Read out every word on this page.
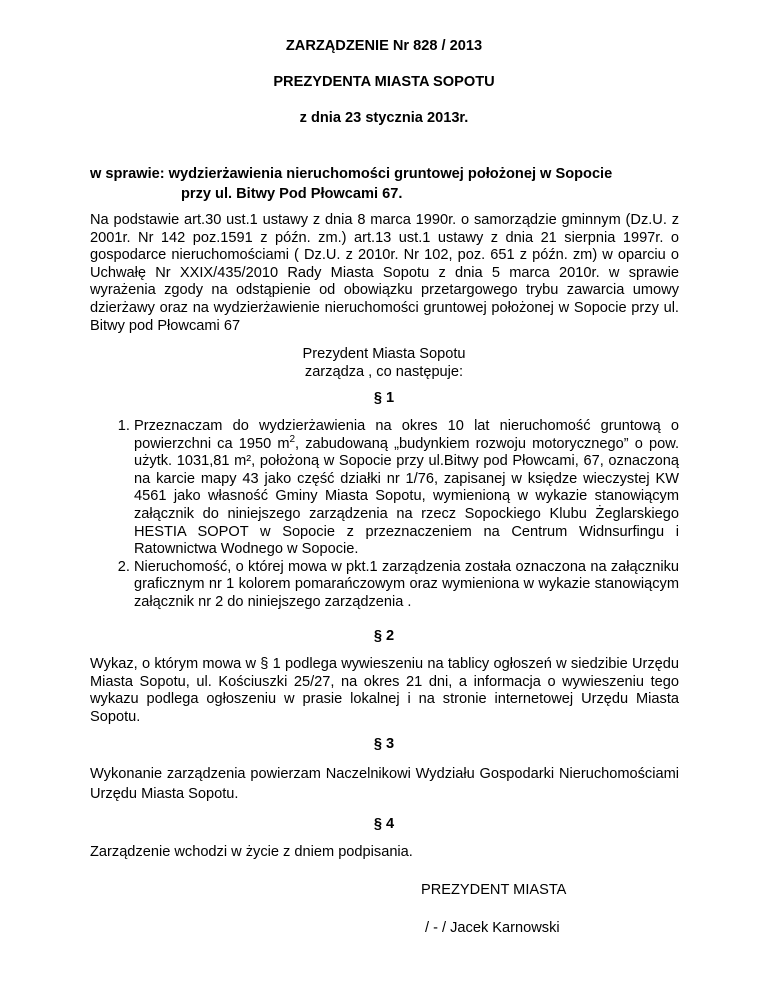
ZARZĄDZENIE Nr 828 / 2013
PREZYDENTA MIASTA SOPOTU
z dnia 23 stycznia 2013r.
w sprawie: wydzierżawienia nieruchomości gruntowej położonej w Sopocie
przy ul. Bitwy Pod Płowcami 67.
Na podstawie art.30 ust.1 ustawy z dnia 8 marca 1990r. o samorządzie gminnym (Dz.U. z 2001r. Nr 142 poz.1591 z późn. zm.) art.13 ust.1 ustawy z dnia 21 sierpnia 1997r. o gospodarce nieruchomościami ( Dz.U. z 2010r. Nr 102, poz. 651 z późn. zm) w oparciu o Uchwałę Nr XXIX/435/2010 Rady Miasta Sopotu z dnia 5 marca 2010r. w sprawie wyrażenia zgody na odstąpienie od obowiązku przetargowego trybu zawarcia umowy dzierżawy oraz na wydzierżawienie nieruchomości gruntowej położonej w Sopocie przy ul. Bitwy pod Płowcami 67
Prezydent Miasta Sopotu
zarządza , co następuje:
§ 1
1. Przeznaczam do wydzierżawienia na okres 10 lat nieruchomość gruntową o powierzchni ca 1950 $m^2$, zabudowaną „budynkiem rozwoju motorycznego” o pow. użytk. 1031,81 m², położoną w Sopocie przy ul.Bitwy pod Płowcami, 67, oznaczoną na karcie mapy 43 jako część działki nr 1/76, zapisanej w księdze wieczystej KW 4561 jako własność Gminy Miasta Sopotu, wymienioną w wykazie stanowiącym załącznik do niniejszego zarządzenia na rzecz Sopockiego Klubu Żeglarskiego HESTIA SOPOT w Sopocie z przeznaczeniem na Centrum Widnsurfingu i Ratownictwa Wodnego w Sopocie.
2. Nieruchomość, o której mowa w pkt.1 zarządzenia została oznaczona na załączniku graficznym nr 1 kolorem pomarańczowym oraz wymieniona w wykazie stanowiącym załącznik nr 2 do niniejszego zarządzenia .
§ 2
Wykaz, o którym mowa w § 1 podlega wywieszeniu na tablicy ogłoszeń w siedzibie Urzędu Miasta Sopotu, ul. Kościuszki 25/27, na okres 21 dni, a informacja o wywieszeniu tego wykazu podlega ogłoszeniu w prasie lokalnej i na stronie internetowej Urzędu Miasta Sopotu.
§ 3
Wykonanie zarządzenia powierzam Naczelnikowi Wydziału Gospodarki Nieruchomościami Urzędu Miasta Sopotu.
§ 4
Zarządzenie wchodzi w życie z dniem podpisania.
PREZYDENT MIASTA
/ - / Jacek Karnowski
